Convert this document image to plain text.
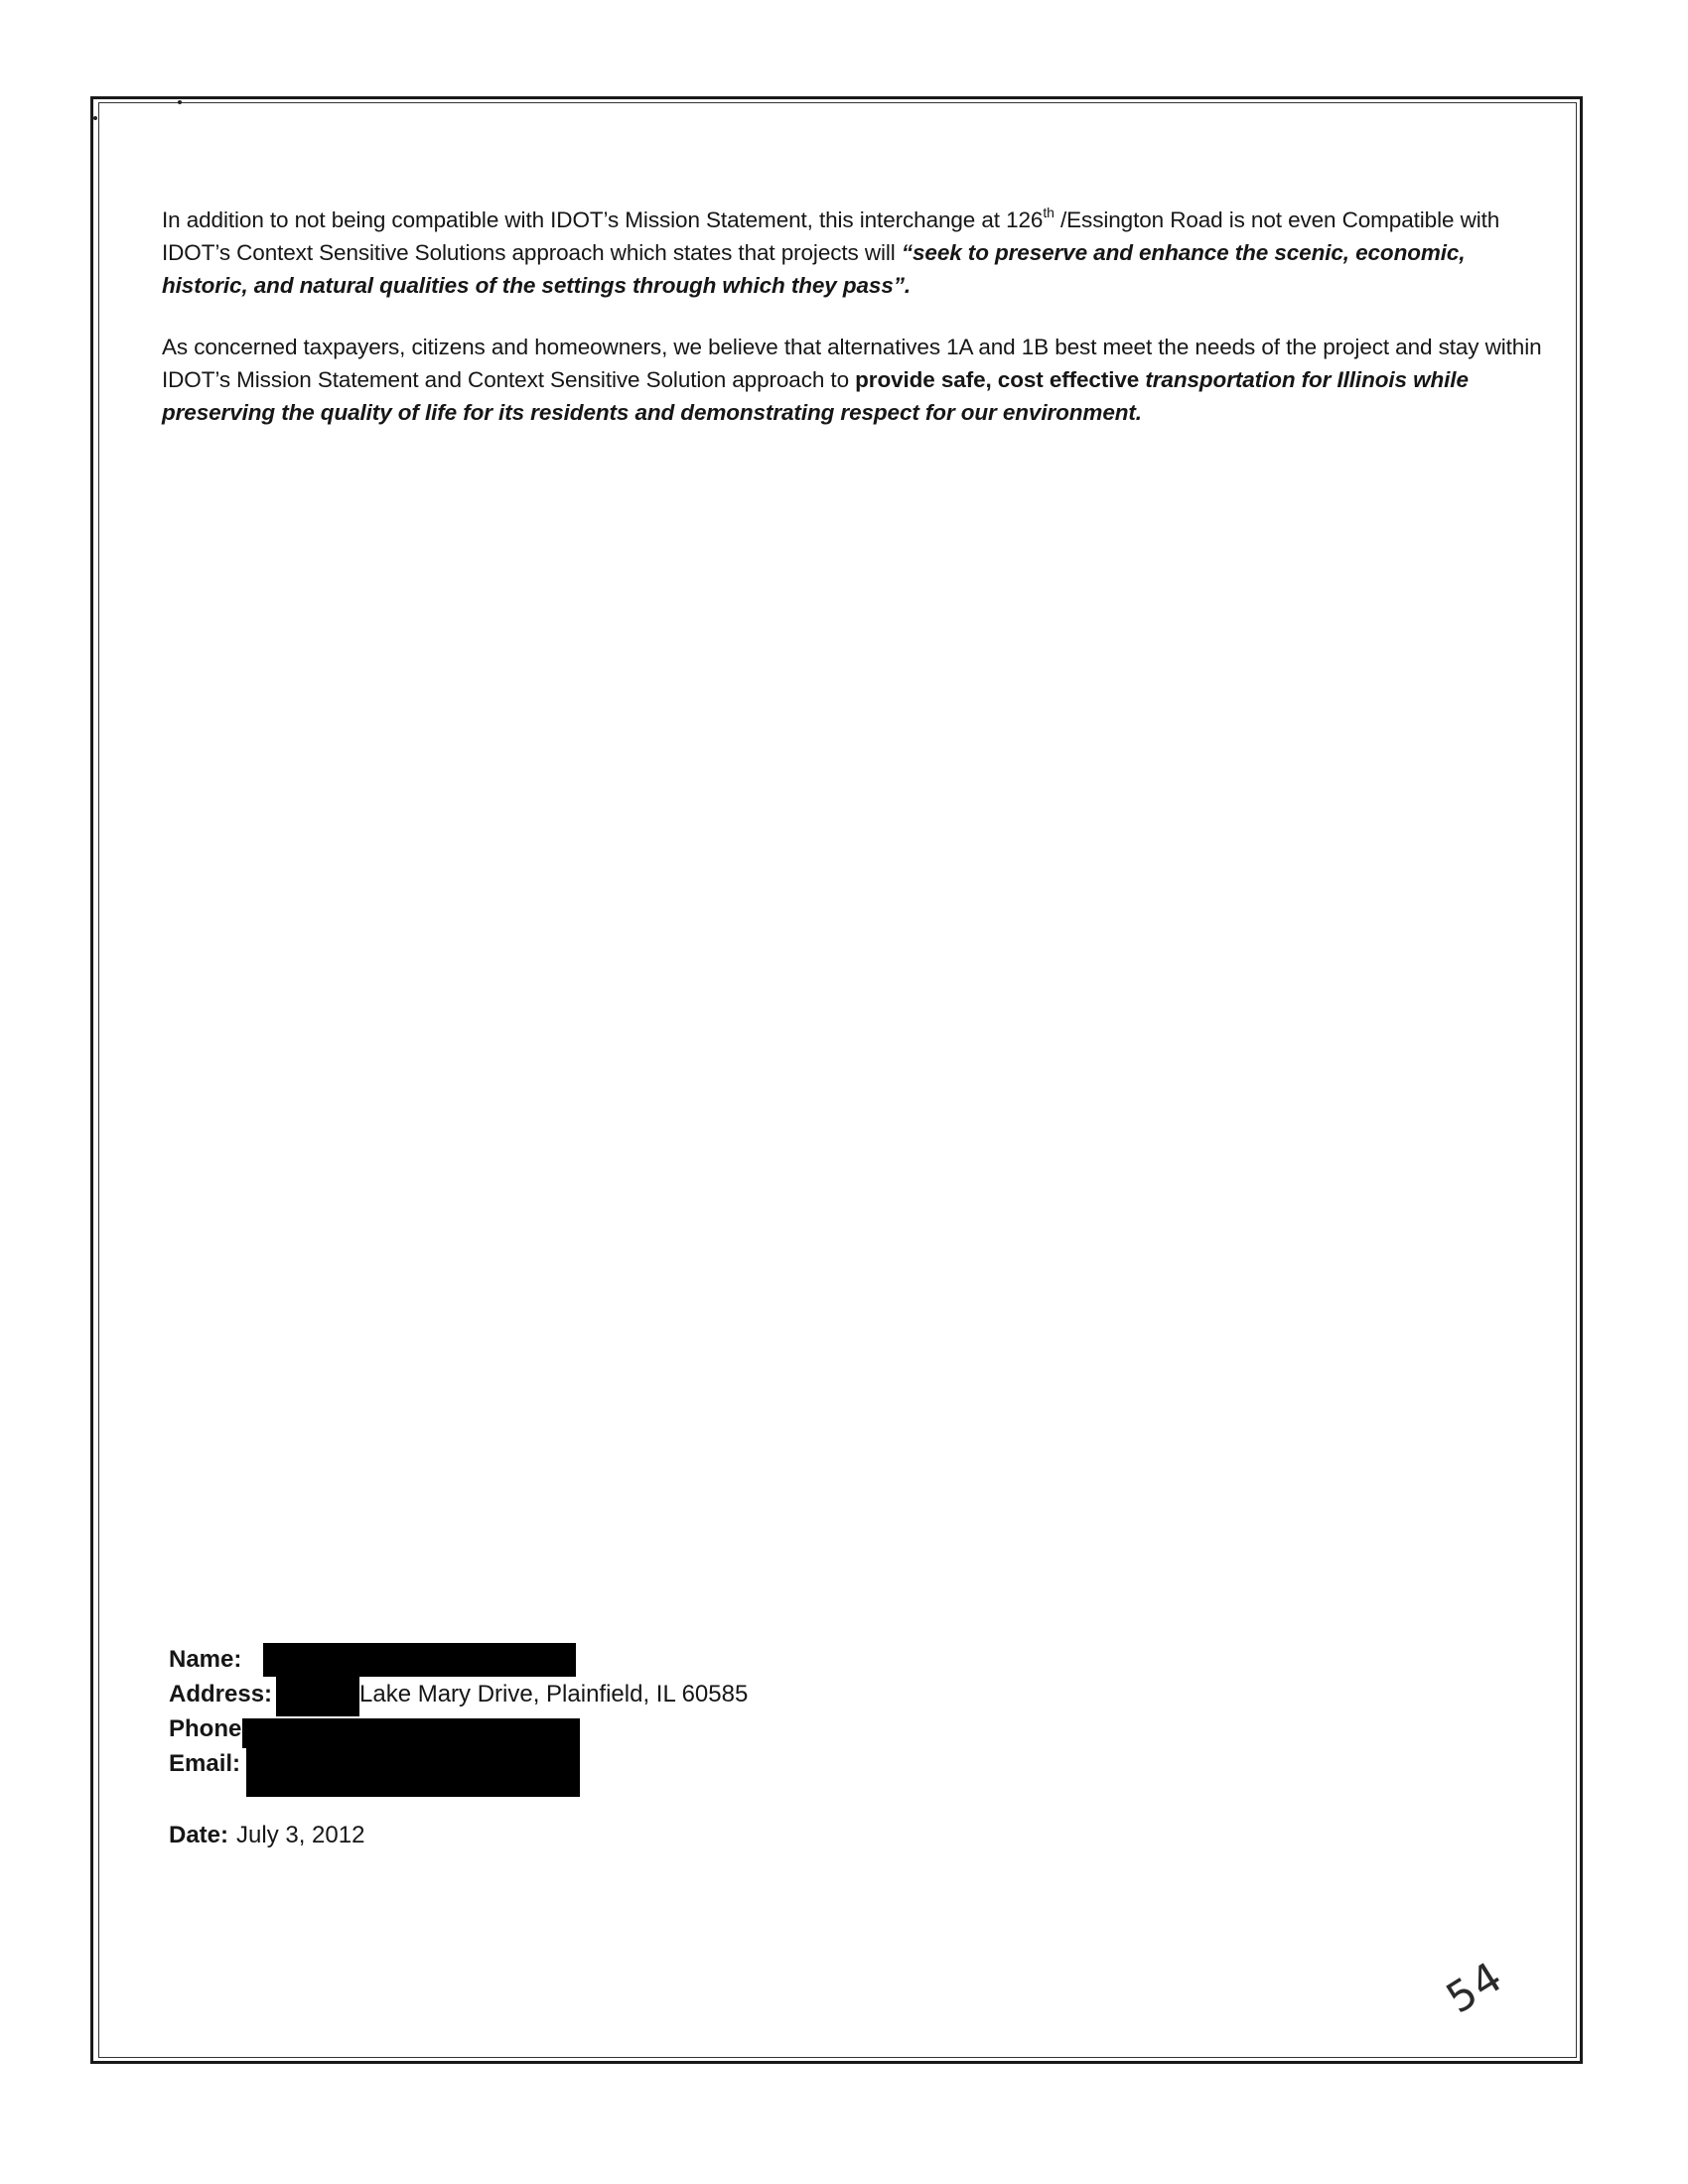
In addition to not being compatible with IDOT’s Mission Statement, this interchange at 126th /Essington Road is not even Compatible with IDOT’s Context Sensitive Solutions approach which states that projects will “seek to preserve and enhance the scenic, economic, historic, and natural qualities of the settings through which they pass”.

As concerned taxpayers, citizens and homeowners, we believe that alternatives 1A and 1B best meet the needs of the project and stay within IDOT’s Mission Statement and Context Sensitive Solution approach to provide safe, cost effective transportation for Illinois while preserving the quality of life for its residents and demonstrating respect for our environment.

Name:
Address:	Lake Mary Drive, Plainfield, IL 60585
Phone
Email:
Date: July 3, 2012
54
